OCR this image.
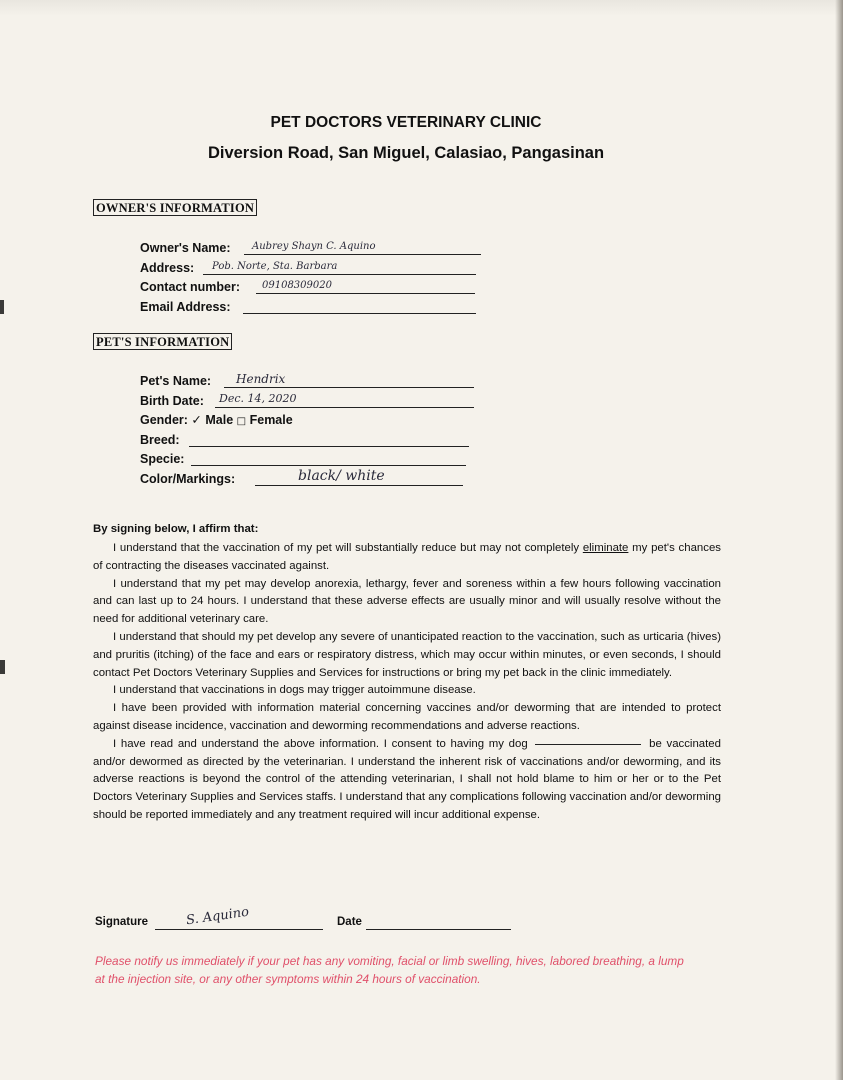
PET DOCTORS VETERINARY CLINIC
Diversion Road, San Miguel, Calasiao, Pangasinan
OWNER'S INFORMATION
Owner's Name: Aubrey Shayn C. Aquino
Address: Pob. Norte, Sta. Barbara
Contact number: 09108309020
Email Address:
PET'S INFORMATION
Pet's Name: Hendrix
Birth Date: Dec. 14, 2020
Gender: ✓ Male □ Female
Breed:
Specie:
Color/Markings:	black/ white
By signing below, I affirm that:

I understand that the vaccination of my pet will substantially reduce but may not completely eliminate my pet's chances of contracting the diseases vaccinated against.

I understand that my pet may develop anorexia, lethargy, fever and soreness within a few hours following vaccination and can last up to 24 hours. I understand that these adverse effects are usually minor and will usually resolve without the need for additional veterinary care.

I understand that should my pet develop any severe of unanticipated reaction to the vaccination, such as urticaria (hives) and pruritis (itching) of the face and ears or respiratory distress, which may occur within minutes, or even seconds, I should contact Pet Doctors Veterinary Supplies and Services for instructions or bring my pet back in the clinic immediately.

I understand that vaccinations in dogs may trigger autoimmune disease.

I have been provided with information material concerning vaccines and/or deworming that are intended to protect against disease incidence, vaccination and deworming recommendations and adverse reactions.

I have read and understand the above information. I consent to having my dog	be vaccinated and/or dewormed as directed by the veterinarian. I understand the inherent risk of vaccinations and/or deworming, and its adverse reactions is beyond the control of the attending veterinarian, I shall not hold blame to him or her or to the Pet Doctors Veterinary Supplies and Services staffs. I understand that any complications following vaccination and/or deworming should be reported immediately and any treatment required will incur additional expense.

Signature	S. Aquino	Date
Please notify us immediately if your pet has any vomiting, facial or limb swelling, hives, labored breathing, a lump at the injection site, or any other symptoms within 24 hours of vaccination.
